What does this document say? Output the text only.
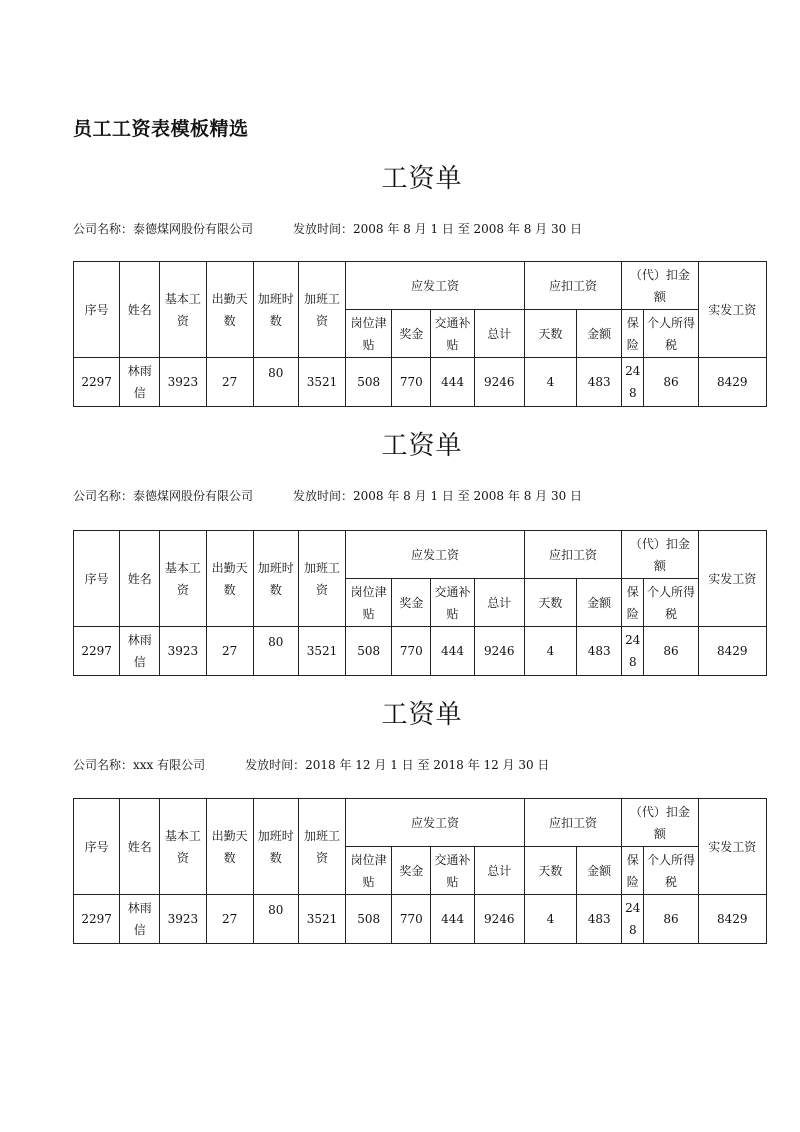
员工工资表模板精选
工资单
公司名称：泰德煤网股份有限公司	发放时间：2008 年 8 月 1 日 至 2008 年 8 月 30 日
序号	姓名	基本工资	出勤天数	加班时数	加班工资	应发工资				应扣工资		（代）扣金额		实发工资
						岗位津贴	奖金	交通补贴	总计	天数	金额	保险	个人所得税	
2297	林雨信	3923	27	80	3521	508	770	444	9246	4	483	248	86	8429
工资单
公司名称：泰德煤网股份有限公司	发放时间：2008 年 8 月 1 日 至 2008 年 8 月 30 日
序号	姓名	基本工资	出勤天数	加班时数	加班工资	应发工资				应扣工资		（代）扣金额		实发工资
						岗位津贴	奖金	交通补贴	总计	天数	金额	保险	个人所得税	
2297	林雨信	3923	27	80	3521	508	770	444	9246	4	483	248	86	8429
工资单
公司名称：xxx 有限公司	发放时间：2018 年 12 月 1 日 至 2018 年 12 月 30 日
序号	姓名	基本工资	出勤天数	加班时数	加班工资	应发工资				应扣工资		（代）扣金额		实发工资
						岗位津贴	奖金	交通补贴	总计	天数	金额	保险	个人所得税	
2297	林雨信	3923	27	80	3521	508	770	444	9246	4	483	248	86	8429
